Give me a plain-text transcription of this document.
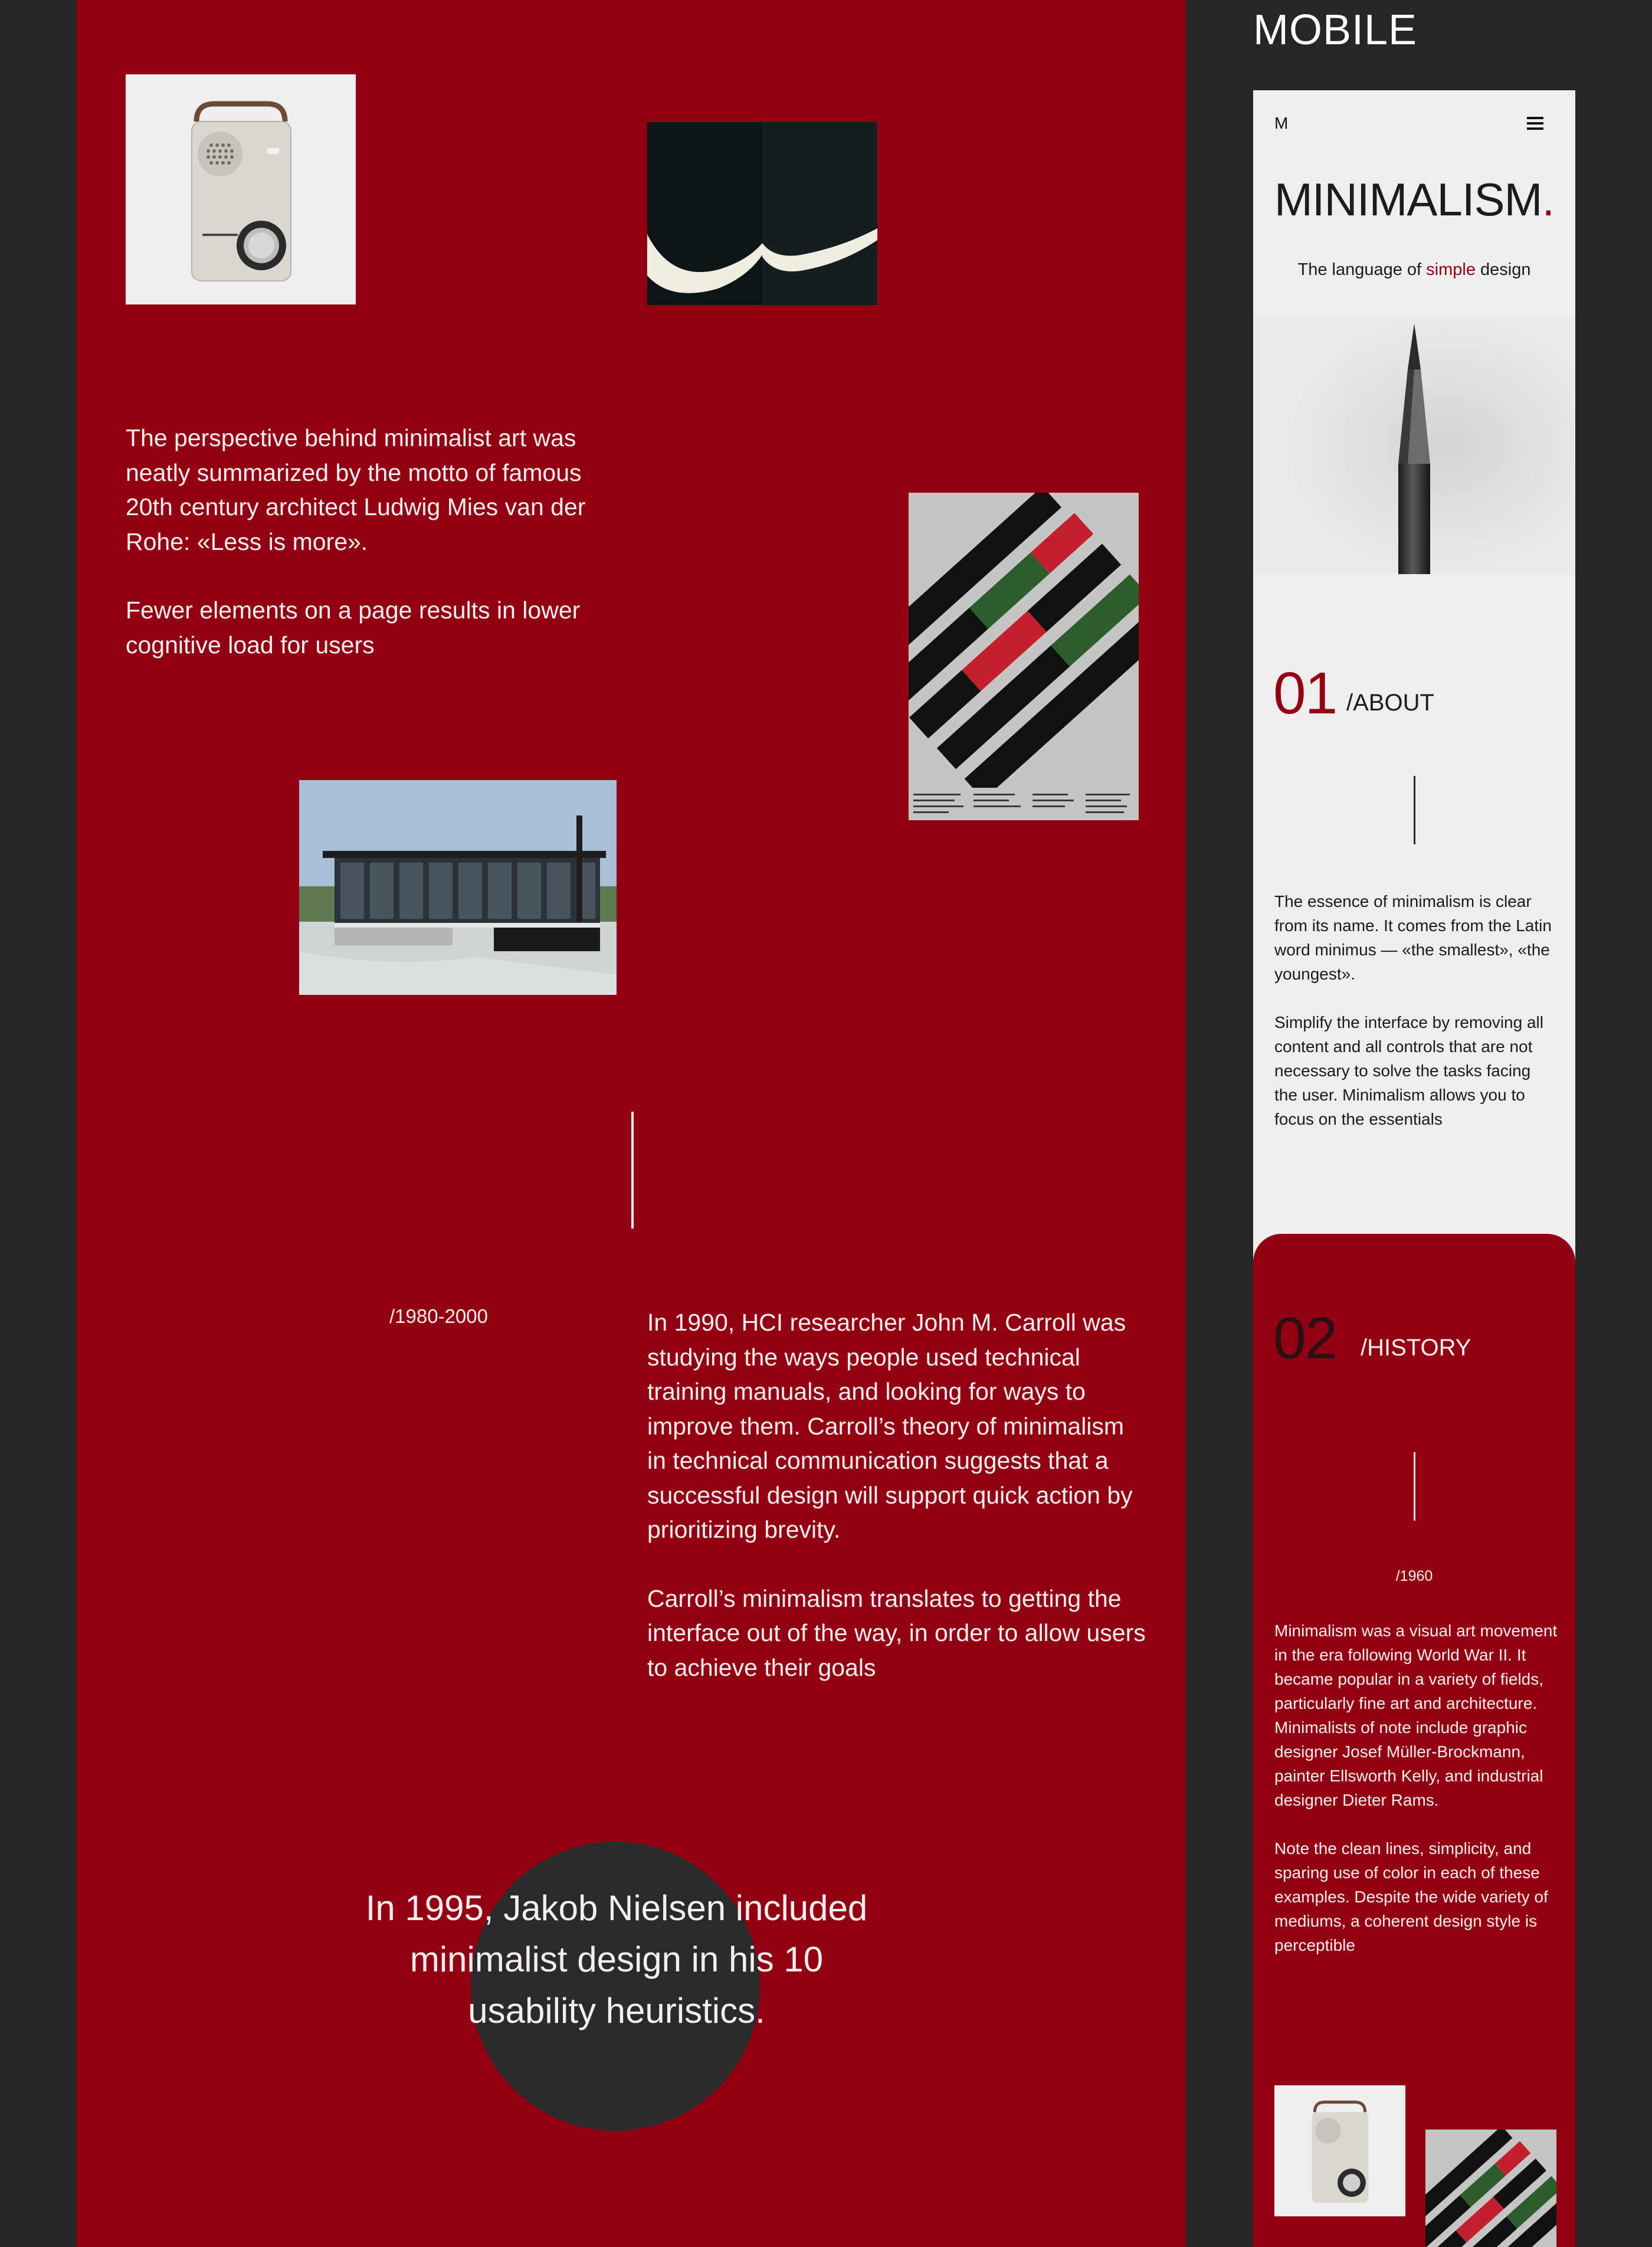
The perspective behind minimalist art was neatly summarized by the motto of famous 20th century architect Ludwig Mies van der Rohe: «Less is more».

Fewer elements on a page results in lower cognitive load for users

/1980-2000	In 1990, HCI researcher John M. Carroll was studying the ways people used technical training manuals, and looking for ways to improve them. Carroll’s theory of minimalism in technical communication suggests that a successful design will support quick action by prioritizing brevity.

Carroll’s minimalism translates to getting the interface out of the way, in order to allow users to achieve their goals

In 1995, Jakob Nielsen included minimalist design in his 10 usability heuristics.
MOBILE
M
MINIMALISM.
The language of simple design
01 /ABOUT

The essence of minimalism is clear from its name. It comes from the Latin word minimus — «the smallest», «the youngest».

Simplify the interface by removing all content and all controls that are not necessary to solve the tasks facing the user. Minimalism allows you to focus on the essentials

02 /HISTORY
/1960

Minimalism was a visual art movement in the era following World War II. It became popular in a variety of fields, particularly fine art and architecture. Minimalists of note include graphic designer Josef Müller-Brockmann, painter Ellsworth Kelly, and industrial designer Dieter Rams.

Note the clean lines, simplicity, and sparing use of color in each of these examples. Despite the wide variety of mediums, a coherent design style is perceptible
